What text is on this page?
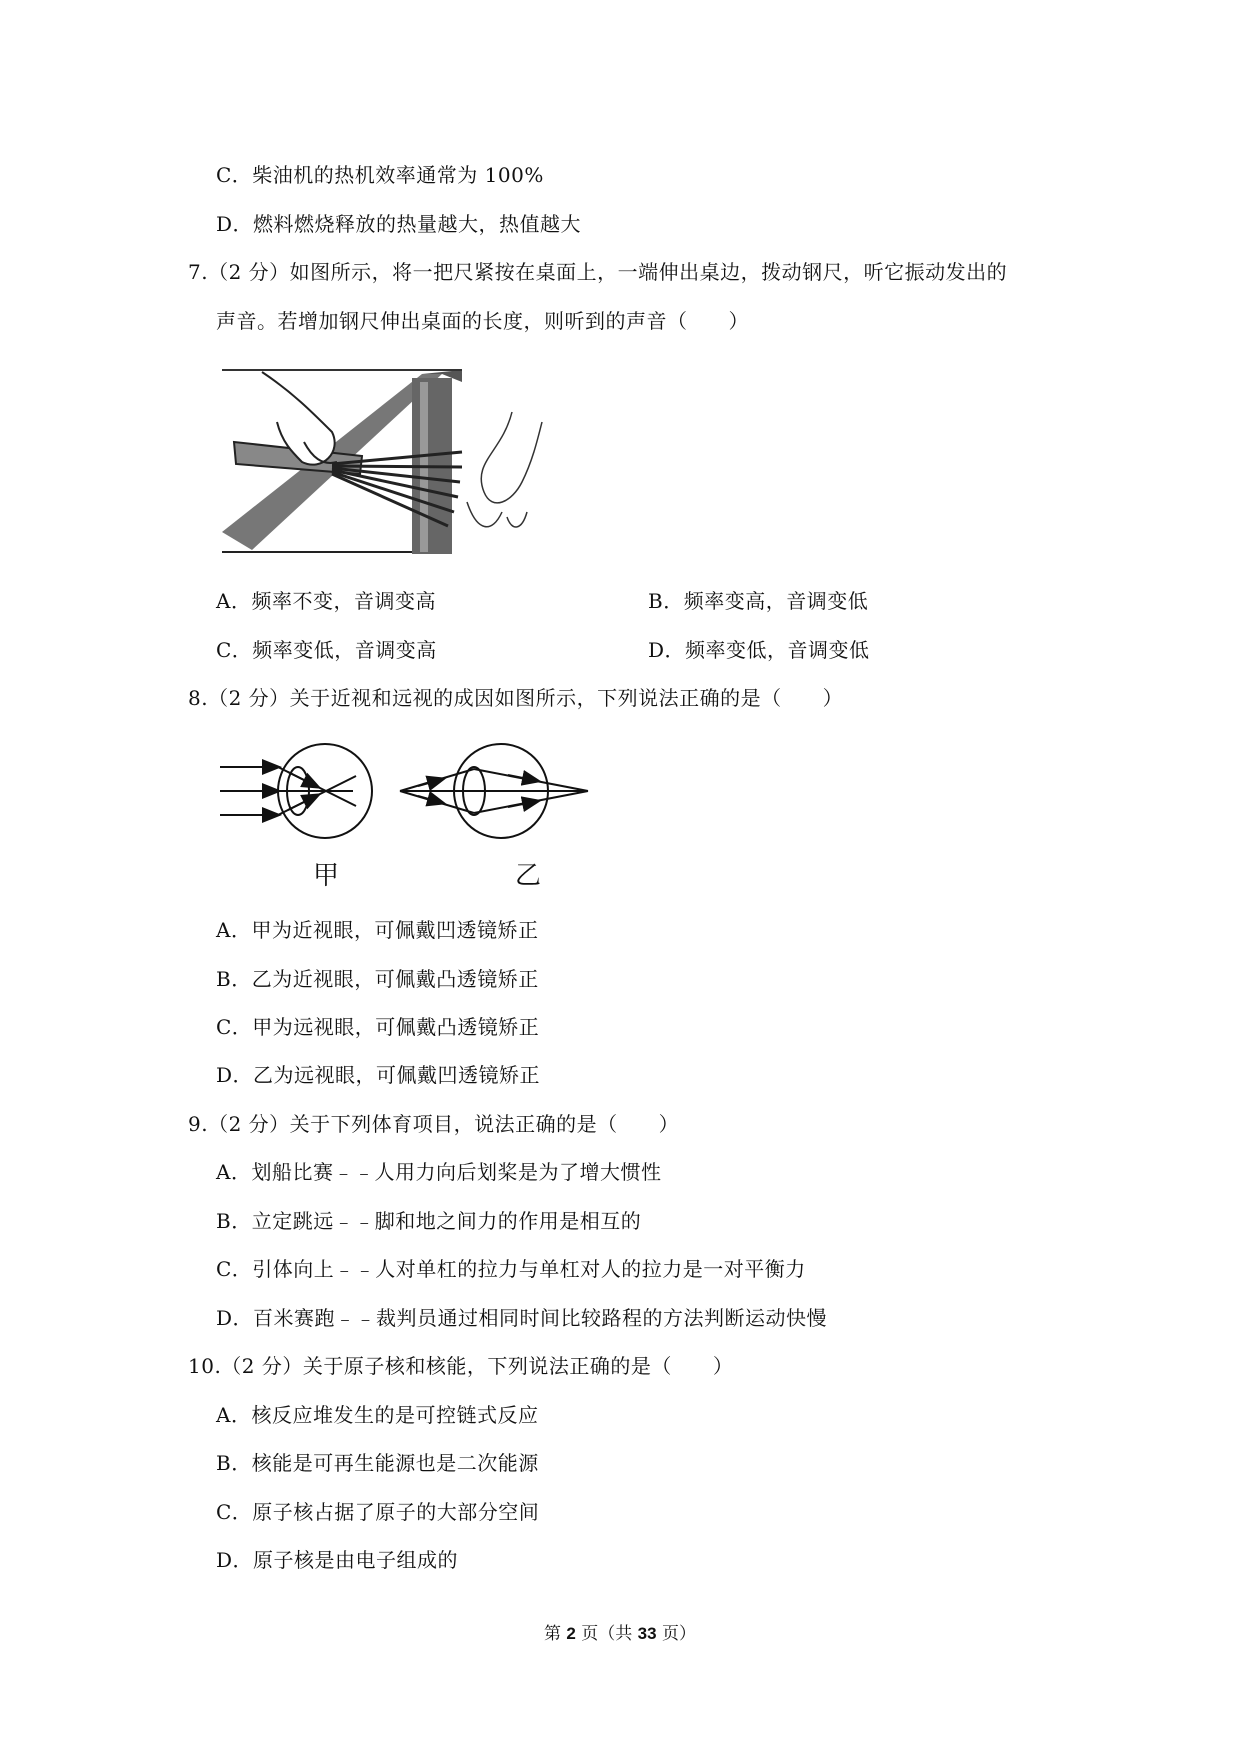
C．柴油机的热机效率通常为 100%
D．燃料燃烧释放的热量越大，热值越大
7.（2 分）如图所示，将一把尺紧按在桌面上，一端伸出桌边，拨动钢尺，听它振动发出的
声音。若增加钢尺伸出桌面的长度，则听到的声音（　　）
A．频率不变，音调变高	B．频率变高，音调变低
C．频率变低，音调变高	D．频率变低，音调变低
8.（2 分）关于近视和远视的成因如图所示，下列说法正确的是（　　）
甲	乙
A．甲为近视眼，可佩戴凹透镜矫正
B．乙为近视眼，可佩戴凸透镜矫正
C．甲为远视眼，可佩戴凸透镜矫正
D．乙为远视眼，可佩戴凹透镜矫正
9.（2 分）关于下列体育项目，说法正确的是（　　）
A．划船比赛﹣﹣人用力向后划桨是为了增大惯性
B．立定跳远﹣﹣脚和地之间力的作用是相互的
C．引体向上﹣﹣人对单杠的拉力与单杠对人的拉力是一对平衡力
D．百米赛跑﹣﹣裁判员通过相同时间比较路程的方法判断运动快慢
10.（2 分）关于原子核和核能，下列说法正确的是（　　）
A．核反应堆发生的是可控链式反应
B．核能是可再生能源也是二次能源
C．原子核占据了原子的大部分空间
D．原子核是由电子组成的
第 2 页（共 33 页）
